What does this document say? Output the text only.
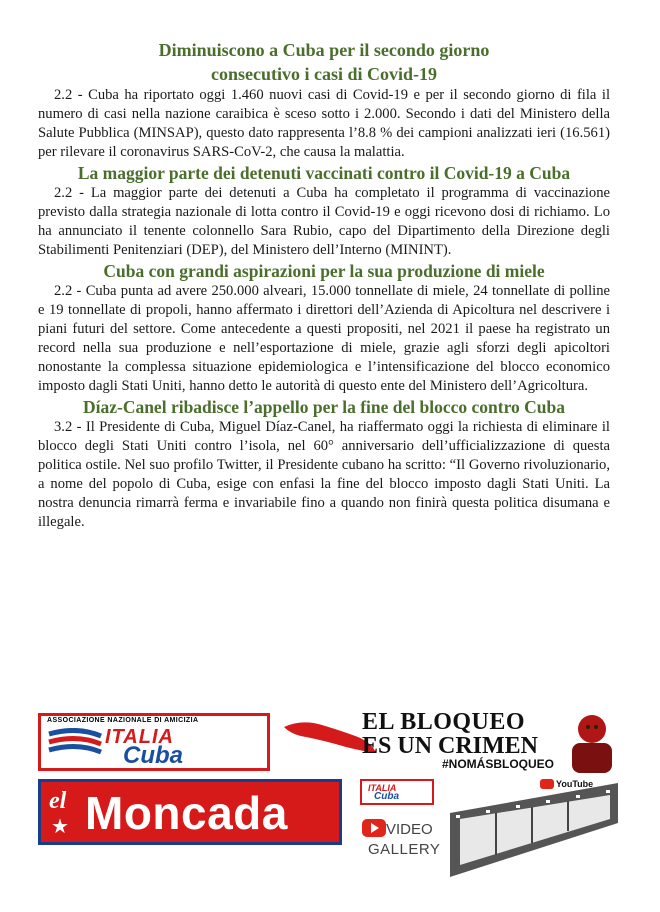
Diminuiscono a Cuba per il secondo giorno
consecutivo i casi di Covid-19

2.2 - Cuba ha riportato oggi 1.460 nuovi casi di Covid-19 e per il secondo giorno di fila il numero di casi nella nazione caraibica è sceso sotto i 2.000. Secondo i dati del Ministero della Salute Pubblica (MINSAP), questo dato rappresenta l’8.8 % dei campioni analizzati ieri (16.561) per rilevare il coronavirus SARS-CoV-2, che causa la malattia.

La maggior parte dei detenuti vaccinati contro il Covid-19 a Cuba

2.2 - La maggior parte dei detenuti a Cuba ha completato il programma di vaccinazione previsto dalla strategia nazionale di lotta contro il Covid-19 e oggi ricevono dosi di richiamo. Lo ha annunciato il tenente colonnello Sara Rubio, capo del Dipartimento della Direzione degli Stabilimenti Penitenziari (DEP), del Ministero dell’Interno (MININT).

Cuba con grandi aspirazioni per la sua produzione di miele

2.2 - Cuba punta ad avere 250.000 alveari, 15.000 tonnellate di miele, 24 tonnellate di polline e 19 tonnellate di propoli, hanno affermato i direttori dell’Azienda di Apicoltura nel descrivere i piani futuri del settore. Come antecedente a questi propositi, nel 2021 il paese ha registrato un record nella sua produzione e nell’esportazione di miele, grazie agli sforzi degli apicoltori nonostante la complessa situazione epidemiologica e l’intensificazione del blocco economico imposto dagli Stati Uniti, hanno detto le autorità di questo ente del Ministero dell’Agricoltura.

Díaz-Canel ribadisce l’appello per la fine del blocco contro Cuba

3.2 - Il Presidente di Cuba, Miguel Díaz-Canel, ha riaffermato oggi la richiesta di eliminare il blocco degli Stati Uniti contro l’isola, nel 60° anniversario dell’ufficializzazione di questa politica ostile. Nel suo profilo Twitter, il Presidente cubano ha scritto: “Il Governo rivoluzionario, a nome del popolo di Cuba, esige con enfasi la fine del blocco imposto dagli Stati Uniti. La nostra denuncia rimarrà ferma e invariabile fino a quando non finirà questa politica disumana e illegale.

ASSOCIAZIONE NAZIONALE DI AMICIZIA
ITALIA
Cuba
EL BLOQUEO
ES UN CRIMEN
#NOMÁSBLOQUEO
el
★ Moncada	ITALIA
Cuba
YouTube
VIDEO
GALLERY
